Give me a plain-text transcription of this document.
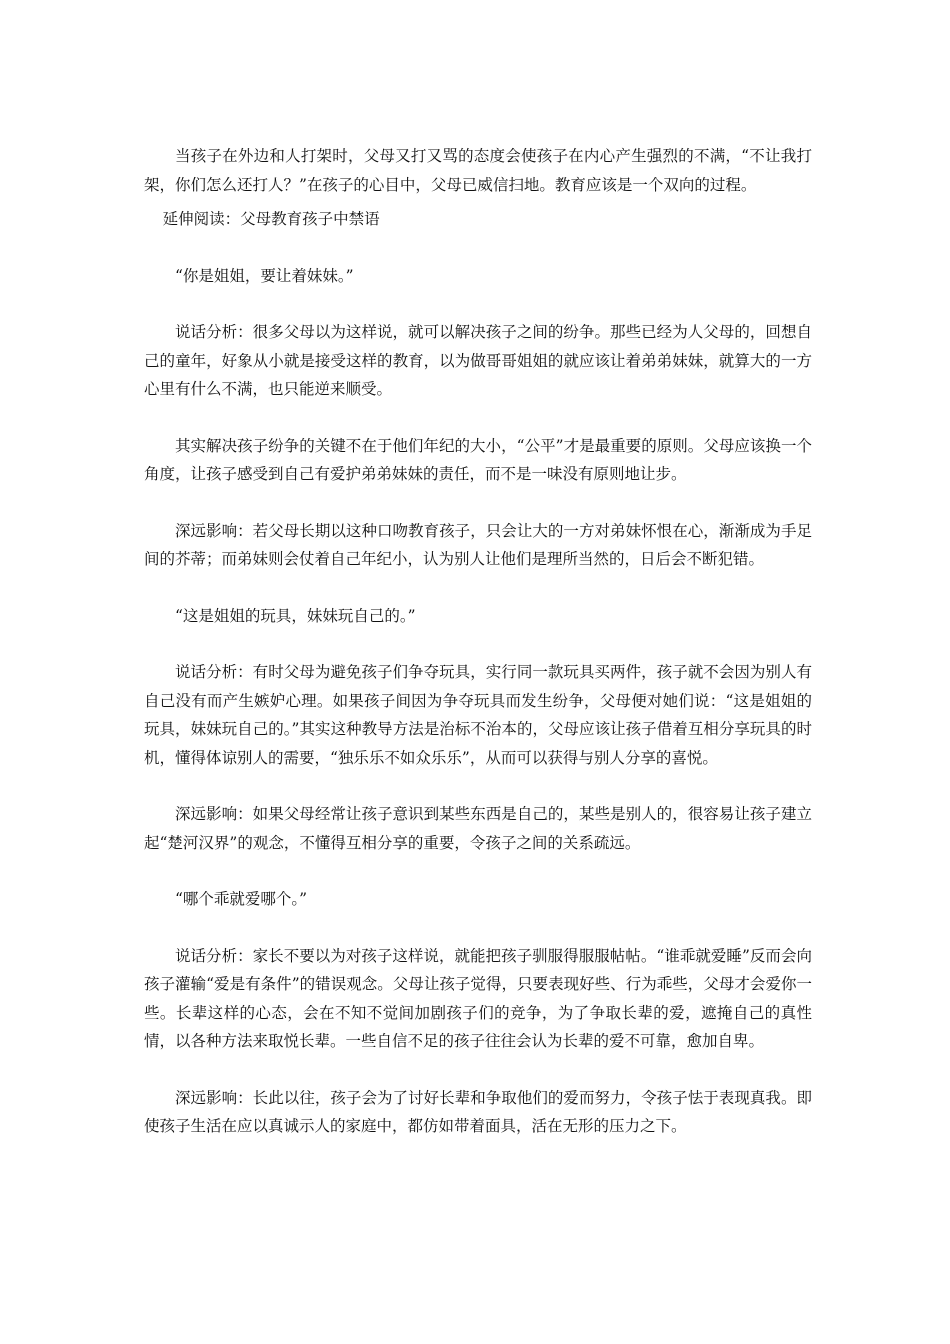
当孩子在外边和人打架时，父母又打又骂的态度会使孩子在内心产生强烈的不满，“不让我打架，你们怎么还打人？”在孩子的心目中，父母已威信扫地。教育应该是一个双向的过程。

延伸阅读：父母教育孩子中禁语

“你是姐姐，要让着妹妹。”

说话分析：很多父母以为这样说，就可以解决孩子之间的纷争。那些已经为人父母的，回想自己的童年，好象从小就是接受这样的教育，以为做哥哥姐姐的就应该让着弟弟妹妹，就算大的一方心里有什么不满，也只能逆来顺受。

其实解决孩子纷争的关键不在于他们年纪的大小，“公平”才是最重要的原则。父母应该换一个角度，让孩子感受到自己有爱护弟弟妹妹的责任，而不是一味没有原则地让步。

深远影响：若父母长期以这种口吻教育孩子，只会让大的一方对弟妹怀恨在心，渐渐成为手足间的芥蒂；而弟妹则会仗着自己年纪小，认为别人让他们是理所当然的，日后会不断犯错。

“这是姐姐的玩具，妹妹玩自己的。”

说话分析：有时父母为避免孩子们争夺玩具，实行同一款玩具买两件，孩子就不会因为别人有自己没有而产生嫉妒心理。如果孩子间因为争夺玩具而发生纷争，父母便对她们说：“这是姐姐的玩具，妹妹玩自己的。”其实这种教导方法是治标不治本的，父母应该让孩子借着互相分享玩具的时机，懂得体谅别人的需要，“独乐乐不如众乐乐”，从而可以获得与别人分享的喜悦。

深远影响：如果父母经常让孩子意识到某些东西是自己的，某些是别人的，很容易让孩子建立起“楚河汉界”的观念，不懂得互相分享的重要，令孩子之间的关系疏远。

“哪个乖就爱哪个。”

说话分析：家长不要以为对孩子这样说，就能把孩子驯服得服服帖帖。“谁乖就爱睡”反而会向孩子灌输“爱是有条件”的错误观念。父母让孩子觉得，只要表现好些、行为乖些，父母才会爱你一些。长辈这样的心态，会在不知不觉间加剧孩子们的竞争，为了争取长辈的爱，遮掩自己的真性情，以各种方法来取悦长辈。一些自信不足的孩子往往会认为长辈的爱不可靠，愈加自卑。

深远影响：长此以往，孩子会为了讨好长辈和争取他们的爱而努力，令孩子怯于表现真我。即使孩子生活在应以真诚示人的家庭中，都仿如带着面具，活在无形的压力之下。
